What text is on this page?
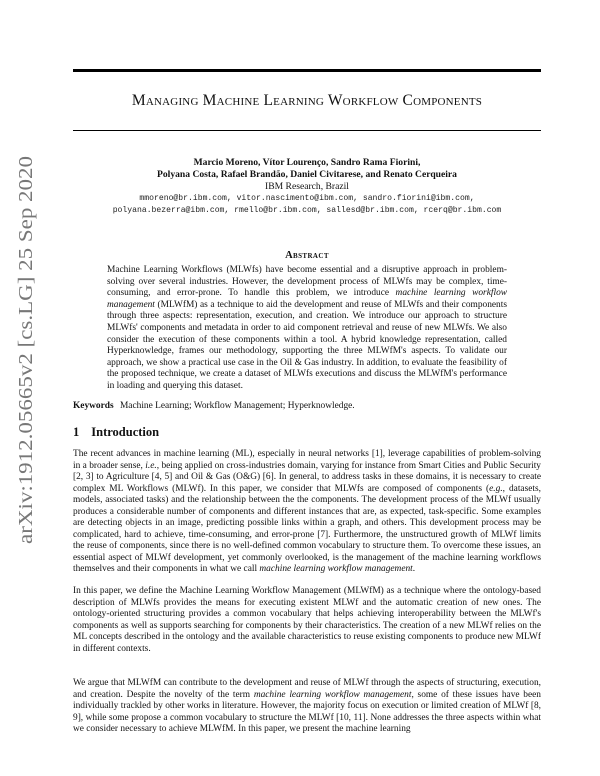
Managing Machine Learning Workflow Components
arXiv:1912.05665v2 [cs.LG] 25 Sep 2020
Marcio Moreno, Vítor Lourenço, Sandro Rama Fiorini,
Polyana Costa, Rafael Brandão, Daniel Civitarese, and Renato Cerqueira
IBM Research, Brazil
mmoreno@br.ibm.com, vitor.nascimento@ibm.com, sandro.fiorini@ibm.com,
polyana.bezerra@ibm.com, rmello@br.ibm.com, sallesd@br.ibm.com, rcerq@br.ibm.com
Abstract
Machine Learning Workflows (MLWfs) have become essential and a disruptive approach in problem-solving over several industries. However, the development process of MLWfs may be complex, time-consuming, and error-prone. To handle this problem, we introduce machine learning workflow management (MLWfM) as a technique to aid the development and reuse of MLWfs and their components through three aspects: representation, execution, and creation. We introduce our approach to structure MLWfs' components and metadata in order to aid component retrieval and reuse of new MLWfs. We also consider the execution of these components within a tool. A hybrid knowledge representation, called Hyperknowledge, frames our methodology, supporting the three MLWfM's aspects. To validate our approach, we show a practical use case in the Oil & Gas industry. In addition, to evaluate the feasibility of the proposed technique, we create a dataset of MLWfs executions and discuss the MLWfM's performance in loading and querying this dataset.
Keywords Machine Learning; Workflow Management; Hyperknowledge.
1 Introduction
The recent advances in machine learning (ML), especially in neural networks [1], leverage capabilities of problem-solving in a broader sense, i.e., being applied on cross-industries domain, varying for instance from Smart Cities and Public Security [2, 3] to Agriculture [4, 5] and Oil & Gas (O&G) [6]. In general, to address tasks in these domains, it is necessary to create complex ML Workflows (MLWf). In this paper, we consider that MLWfs are composed of components (e.g., datasets, models, associated tasks) and the relationship between the the components. The development process of the MLWf usually produces a considerable number of components and different instances that are, as expected, task-specific. Some examples are detecting objects in an image, predicting possible links within a graph, and others. This development process may be complicated, hard to achieve, time-consuming, and error-prone [7]. Furthermore, the unstructured growth of MLWf limits the reuse of components, since there is no well-defined common vocabulary to structure them. To overcome these issues, an essential aspect of MLWf development, yet commonly overlooked, is the management of the machine learning workflows themselves and their components in what we call machine learning workflow management.
In this paper, we define the Machine Learning Workflow Management (MLWfM) as a technique where the ontology-based description of MLWfs provides the means for executing existent MLWf and the automatic creation of new ones. The ontology-oriented structuring provides a common vocabulary that helps achieving interoperability between the MLWf's components as well as supports searching for components by their characteristics. The creation of a new MLWf relies on the ML concepts described in the ontology and the available characteristics to reuse existing components to produce new MLWf in different contexts.
We argue that MLWfM can contribute to the development and reuse of MLWf through the aspects of structuring, execution, and creation. Despite the novelty of the term machine learning workflow management, some of these issues have been individually trackled by other works in literature. However, the majority focus on execution or limited creation of MLWf [8, 9], while some propose a common vocabulary to structure the MLWf [10, 11]. None addresses the three aspects within what we consider necessary to achieve MLWfM. In this paper, we present the machine learning
